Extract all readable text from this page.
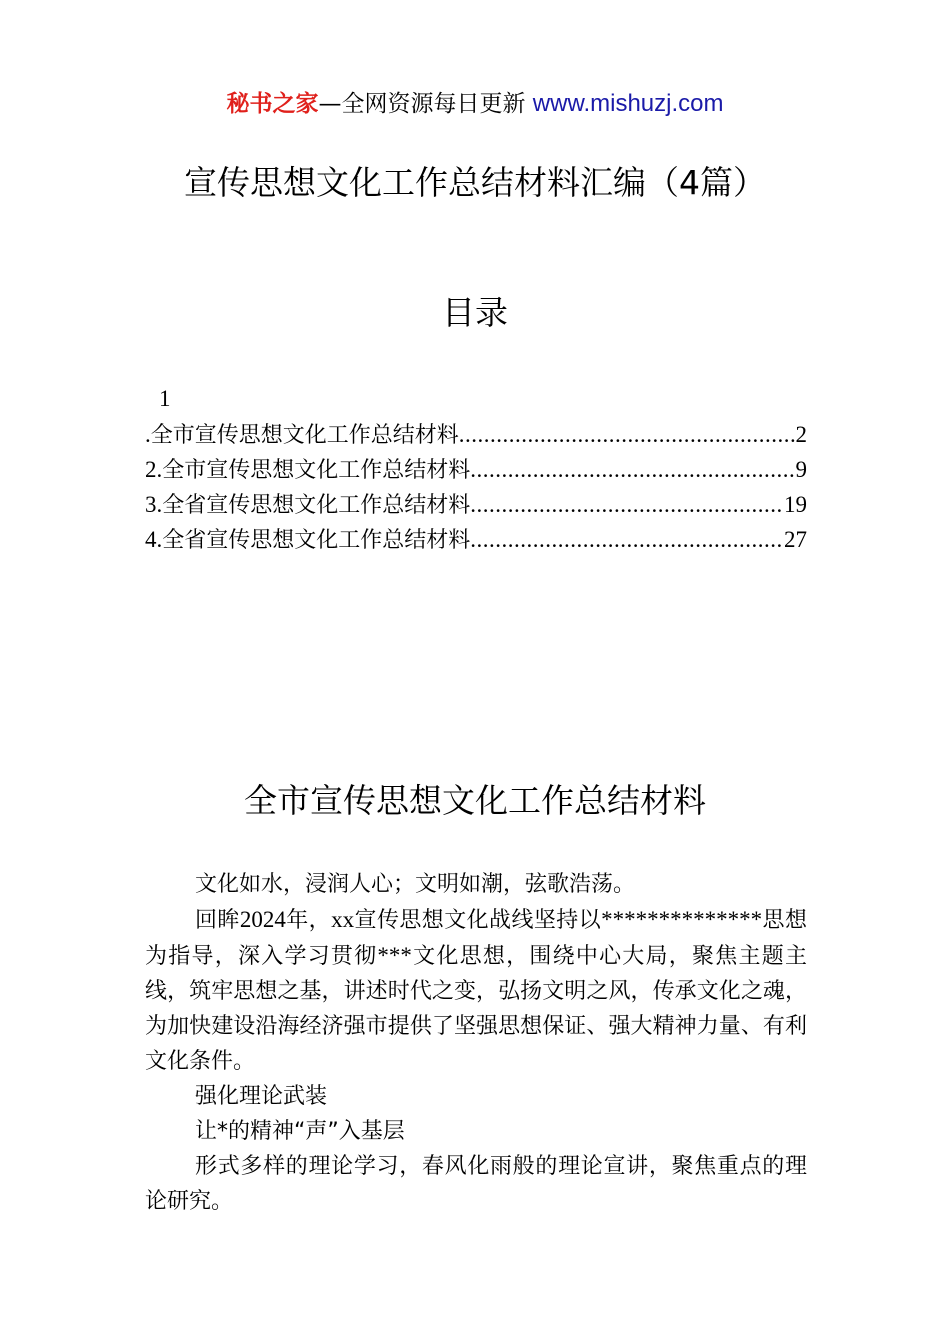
秘书之家—全网资源每日更新 www.mishuzj.com
宣传思想文化工作总结材料汇编（4篇）
目录
1
. 全市宣传思想文化工作总结材料 .....	2
2. 全市宣传思想文化工作总结材料 .....	9
3. 全省宣传思想文化工作总结材料 .....	19
4. 全省宣传思想文化工作总结材料 .....	27
全市宣传思想文化工作总结材料

文化如水，浸润人心；文明如潮，弦歌浩荡。

回眸2024年，xx宣传思想文化战线坚持以**************思想为指导，深入学习贯彻***文化思想，围绕中心大局，聚焦主题主线，筑牢思想之基，讲述时代之变，弘扬文明之风，传承文化之魂，为加快建设沿海经济强市提供了坚强思想保证、强大精神力量、有利文化条件。

强化理论武装

让*的精神“声”入基层

形式多样的理论学习，春风化雨般的理论宣讲，聚焦重点的理论研究。
